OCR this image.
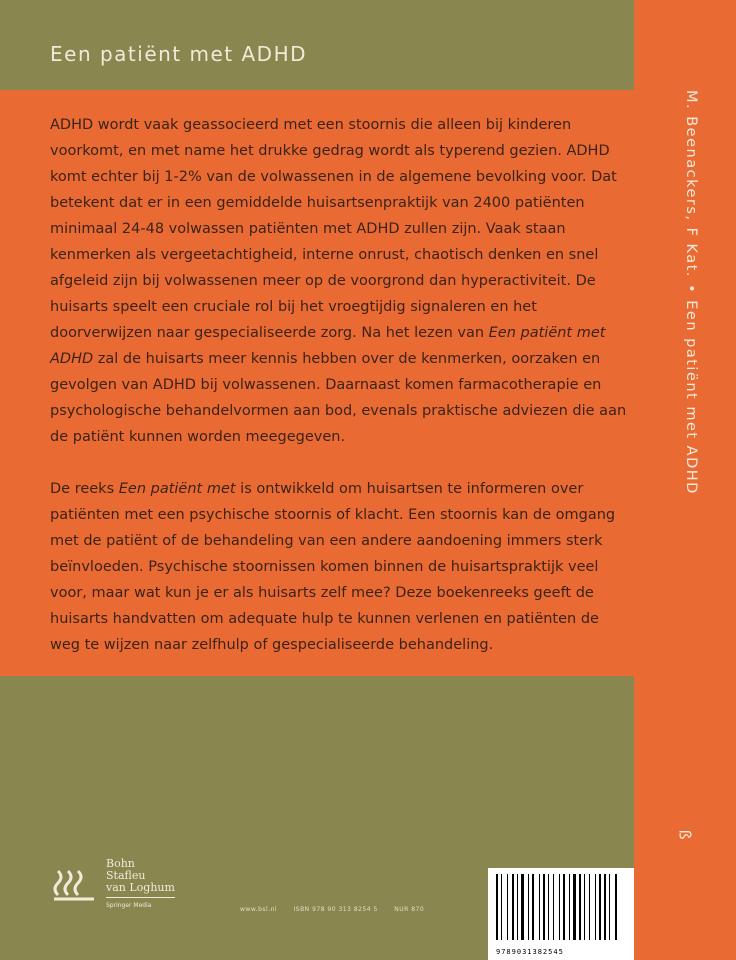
Een patiënt met ADHD

ADHD wordt vaak geassocieerd met een stoornis die alleen bij kinderen voorkomt, en met name het drukke gedrag wordt als typerend gezien. ADHD komt echter bij 1-2% van de volwassenen in de algemene bevolking voor. Dat betekent dat er in een gemiddelde huisartsenpraktijk van 2400 patiënten minimaal 24-48 volwassen patiënten met ADHD zullen zijn. Vaak staan kenmerken als vergeetachtigheid, interne onrust, chaotisch denken en snel afgeleid zijn bij volwassenen meer op de voorgrond dan hyperactiviteit. De huisarts speelt een cruciale rol bij het vroegtijdig signaleren en het doorverwijzen naar gespecialiseerde zorg. Na het lezen van Een patiënt met ADHD zal de huisarts meer kennis hebben over de kenmerken, oorzaken en gevolgen van ADHD bij volwassenen. Daarnaast komen farmacotherapie en psychologische behandelvormen aan bod, evenals praktische adviezen die aan de patiënt kunnen worden meegegeven.

De reeks Een patiënt met is ontwikkeld om huisartsen te informeren over patiënten met een psychische stoornis of klacht. Een stoornis kan de omgang met de patiënt of de behandeling van een andere aandoening immers sterk beïnvloeden. Psychische stoornissen komen binnen de huisartspraktijk veel voor, maar wat kun je er als huisarts zelf mee? Deze boekenreeks geeft de huisarts handvatten om adequate hulp te kunnen verlenen en patiënten de weg te wijzen naar zelfhulp of gespecialiseerde behandeling.

M. Beenackers, F Kat. • Een patiënt met ADHD
ß
Bohn
Stafleu
van Loghum
Springer Media
www.bsl.nl	ISBN 978 90 313 8254 5	NUR 870
9789031382545
